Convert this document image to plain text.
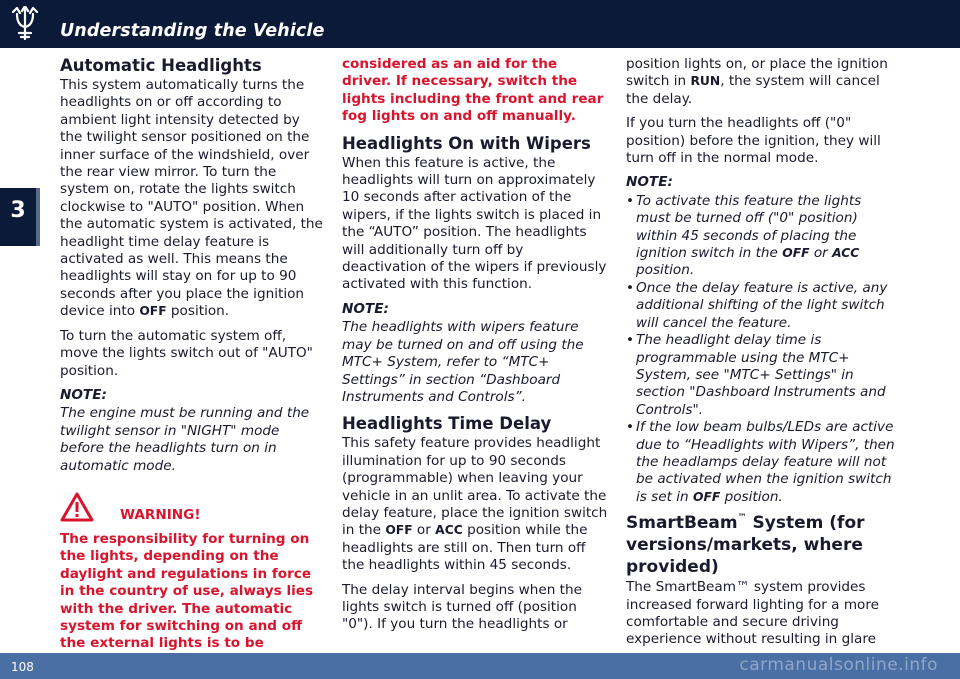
Understanding the Vehicle
3
Automatic Headlights

This system automatically turns the headlights on or off according to ambient light intensity detected by the twilight sensor positioned on the inner surface of the windshield, over the rear view mirror. To turn the system on, rotate the lights switch clockwise to "AUTO" position. When the automatic system is activated, the headlight time delay feature is activated as well. This means the headlights will stay on for up to 90 seconds after you place the ignition device into OFF position.

To turn the automatic system off, move the lights switch out of "AUTO" position.

NOTE:

The engine must be running and the twilight sensor in "NIGHT" mode before the headlights turn on in automatic mode.

WARNING!

The responsibility for turning on the lights, depending on the daylight and regulations in force in the country of use, always lies with the driver. The automatic system for switching on and off the external lights is to be

considered as an aid for the driver. If necessary, switch the lights including the front and rear fog lights on and off manually.

Headlights On with Wipers

When this feature is active, the headlights will turn on approximately 10 seconds after activation of the wipers, if the lights switch is placed in the “AUTO” position. The headlights will additionally turn off by deactivation of the wipers if previously activated with this function.

NOTE:

The headlights with wipers feature may be turned on and off using the MTC+ System, refer to “MTC+ Settings” in section “Dashboard Instruments and Controls”.

Headlights Time Delay

This safety feature provides headlight illumination for up to 90 seconds (programmable) when leaving your vehicle in an unlit area. To activate the delay feature, place the ignition switch in the OFF or ACC position while the headlights are still on. Then turn off the headlights within 45 seconds.

The delay interval begins when the lights switch is turned off (position "0"). If you turn the headlights or

position lights on, or place the ignition switch in RUN, the system will cancel the delay.

If you turn the headlights off ("0" position) before the ignition, they will turn off in the normal mode.

NOTE:
• To activate this feature the lights must be turned off ("0" position) within 45 seconds of placing the ignition switch in the OFF or ACC position.
• Once the delay feature is active, any additional shifting of the light switch will cancel the feature.
• The headlight delay time is programmable using the MTC+ System, see "MTC+ Settings" in section "Dashboard Instruments and Controls".
• If the low beam bulbs/LEDs are active due to “Headlights with Wipers”, then the headlamps delay feature will not be activated when the ignition switch is set in OFF position.
SmartBeam™ System (for versions/markets, where provided)

The SmartBeam™ system provides increased forward lighting for a more comfortable and secure driving experience without resulting in glare

108	carmanualsonline.info
